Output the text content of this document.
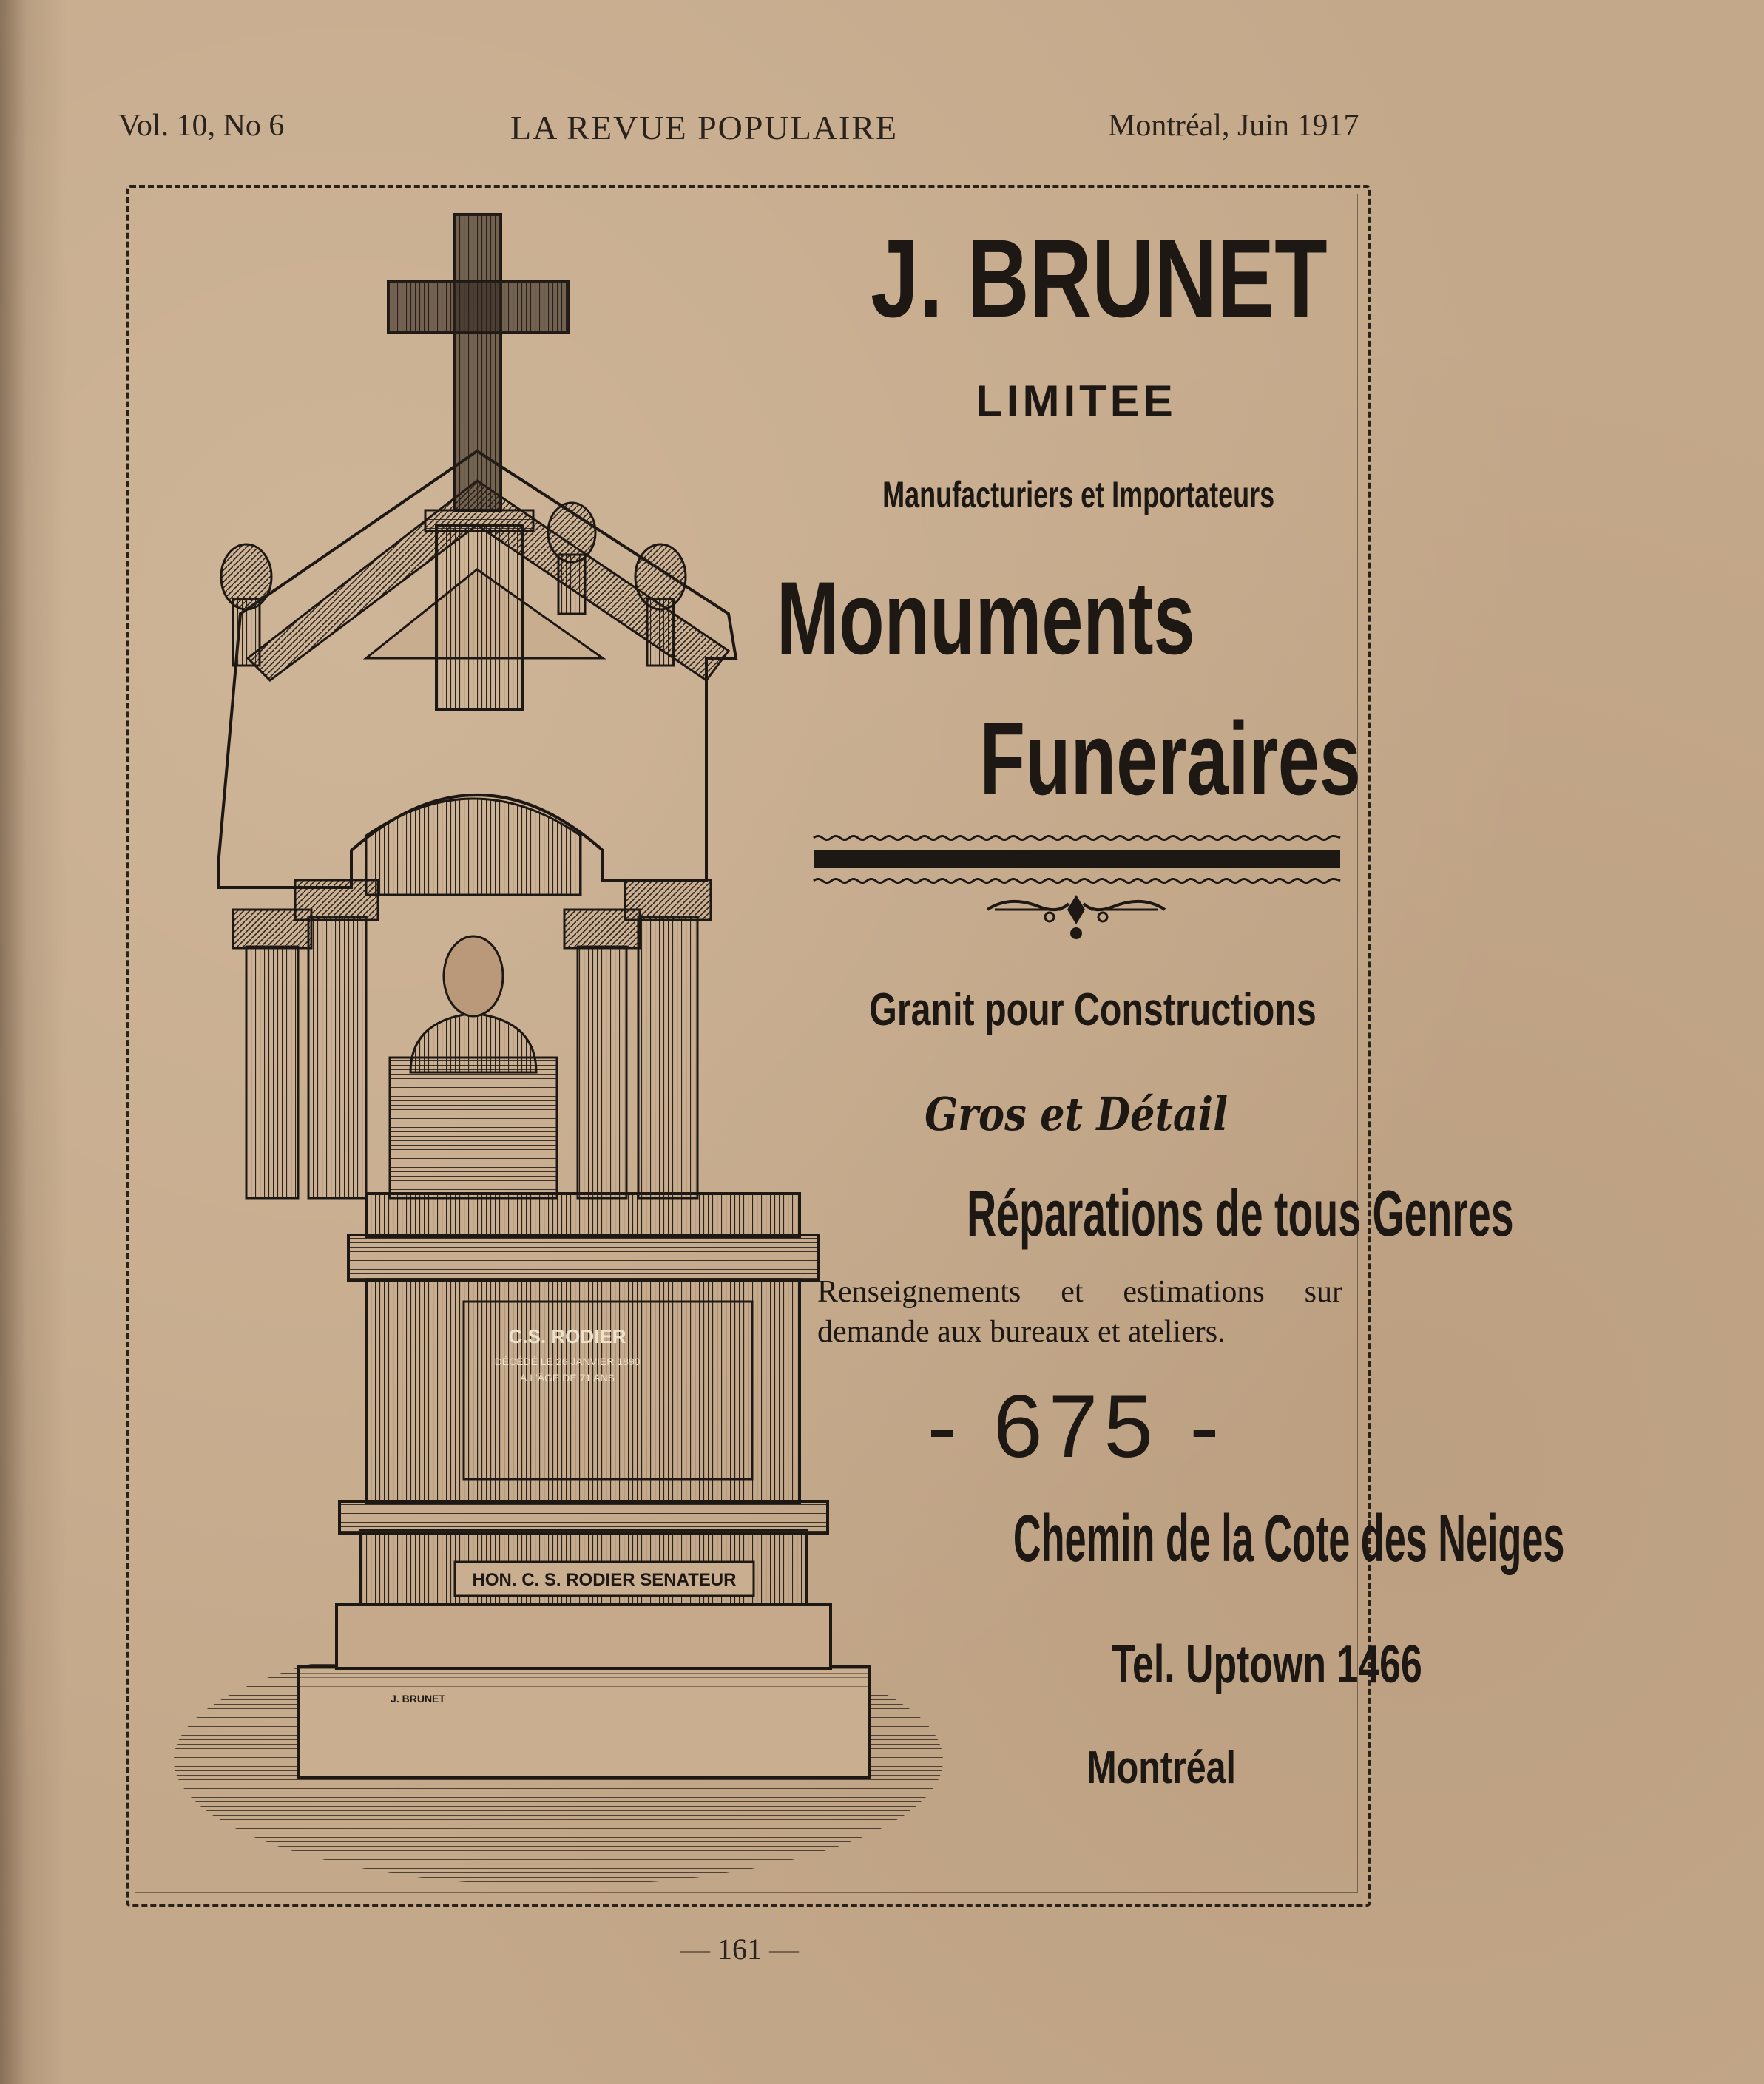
Vol. 10, No 6	LA REVUE POPULAIRE	Montréal, Juin 1917
C.S. RODIER
DÉCÉDÉ LE 26 JANVIER 1890
À L'ÂGE DE 71 ANS
HON. C. S. RODIER SENATEUR
J. BRUNET
J. BRUNET
LIMITEE
Manufacturiers et Importateurs
Monuments
Funeraires
Granit pour Constructions
Gros et Détail
Réparations de tous Genres
Renseignements et estimations sur demande aux bureaux et ateliers.
- 675 -
Chemin de la Cote des Neiges
Tel. Uptown 1466
Montréal
— 161 —
